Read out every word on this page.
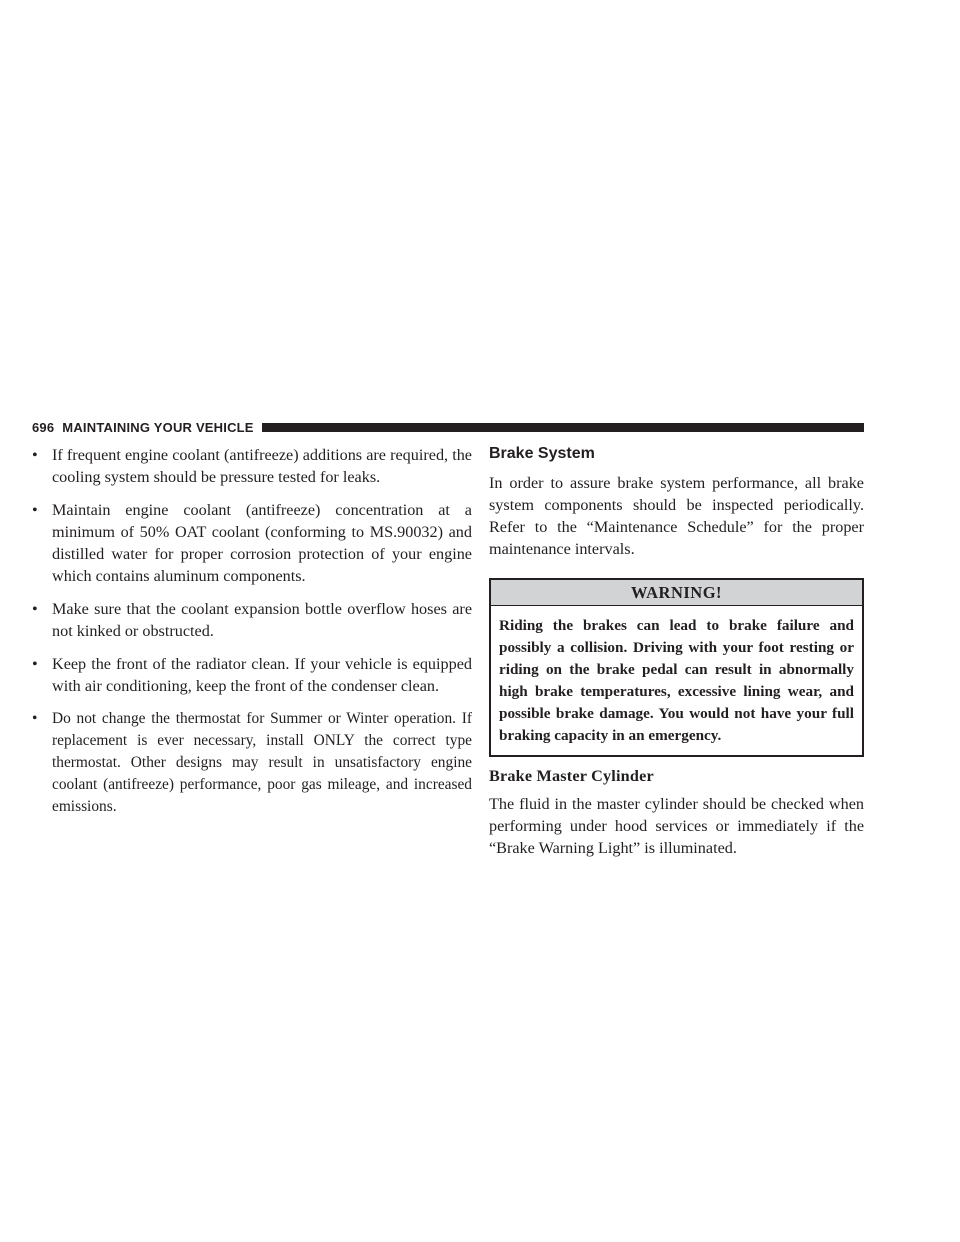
696 MAINTAINING YOUR VEHICLE
• If frequent engine coolant (antifreeze) additions are required, the cooling system should be pressure tested for leaks.
• Maintain engine coolant (antifreeze) concentration at a minimum of 50% OAT coolant (conforming to MS.90032) and distilled water for proper corrosion protection of your engine which contains aluminum components.
• Make sure that the coolant expansion bottle overflow hoses are not kinked or obstructed.
• Keep the front of the radiator clean. If your vehicle is equipped with air conditioning, keep the front of the condenser clean.
• Do not change the thermostat for Summer or Winter operation. If replacement is ever necessary, install ONLY the correct type thermostat. Other designs may result in unsatisfactory engine coolant (antifreeze) performance, poor gas mileage, and increased emissions.
Brake System

In order to assure brake system performance, all brake system components should be inspected periodically. Refer to the “Maintenance Schedule” for the proper maintenance intervals.

WARNING!
Riding the brakes can lead to brake failure and possibly a collision. Driving with your foot resting or riding on the brake pedal can result in abnormally high brake temperatures, excessive lining wear, and possible brake damage. You would not have your full braking capacity in an emergency.
Brake Master Cylinder

The fluid in the master cylinder should be checked when performing under hood services or immediately if the “Brake Warning Light” is illuminated.
